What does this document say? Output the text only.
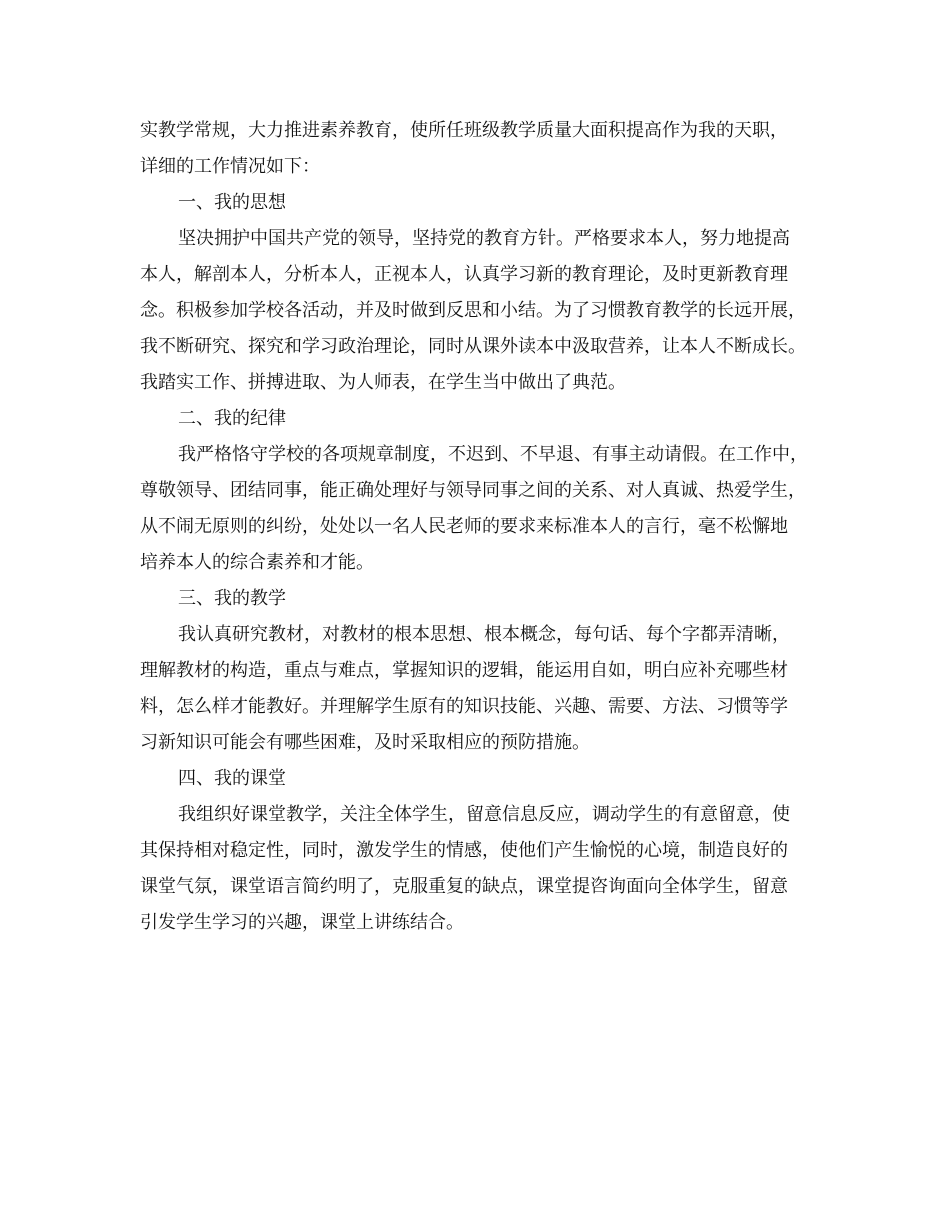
实教学常规，大力推进素养教育，使所任班级教学质量大面积提高作为我的天职，
详细的工作情况如下：
一、我的思想
坚决拥护中国共产党的领导，坚持党的教育方针。严格要求本人，努力地提高
本人，解剖本人，分析本人，正视本人，认真学习新的教育理论，及时更新教育理
念。积极参加学校各活动，并及时做到反思和小结。为了习惯教育教学的长远开展，
我不断研究、探究和学习政治理论，同时从课外读本中汲取营养，让本人不断成长。
我踏实工作、拼搏进取、为人师表，在学生当中做出了典范。
二、我的纪律
我严格恪守学校的各项规章制度，不迟到、不早退、有事主动请假。在工作中，
尊敬领导、团结同事，能正确处理好与领导同事之间的关系、对人真诚、热爱学生，
从不闹无原则的纠纷，处处以一名人民老师的要求来标准本人的言行，毫不松懈地
培养本人的综合素养和才能。
三、我的教学
我认真研究教材，对教材的根本思想、根本概念，每句话、每个字都弄清晰，
理解教材的构造，重点与难点，掌握知识的逻辑，能运用自如，明白应补充哪些材
料，怎么样才能教好。并理解学生原有的知识技能、兴趣、需要、方法、习惯等学
习新知识可能会有哪些困难，及时采取相应的预防措施。
四、我的课堂
我组织好课堂教学，关注全体学生，留意信息反应，调动学生的有意留意，使
其保持相对稳定性，同时，激发学生的情感，使他们产生愉悦的心境，制造良好的
课堂气氛，课堂语言简约明了，克服重复的缺点，课堂提咨询面向全体学生，留意
引发学生学习的兴趣，课堂上讲练结合。
